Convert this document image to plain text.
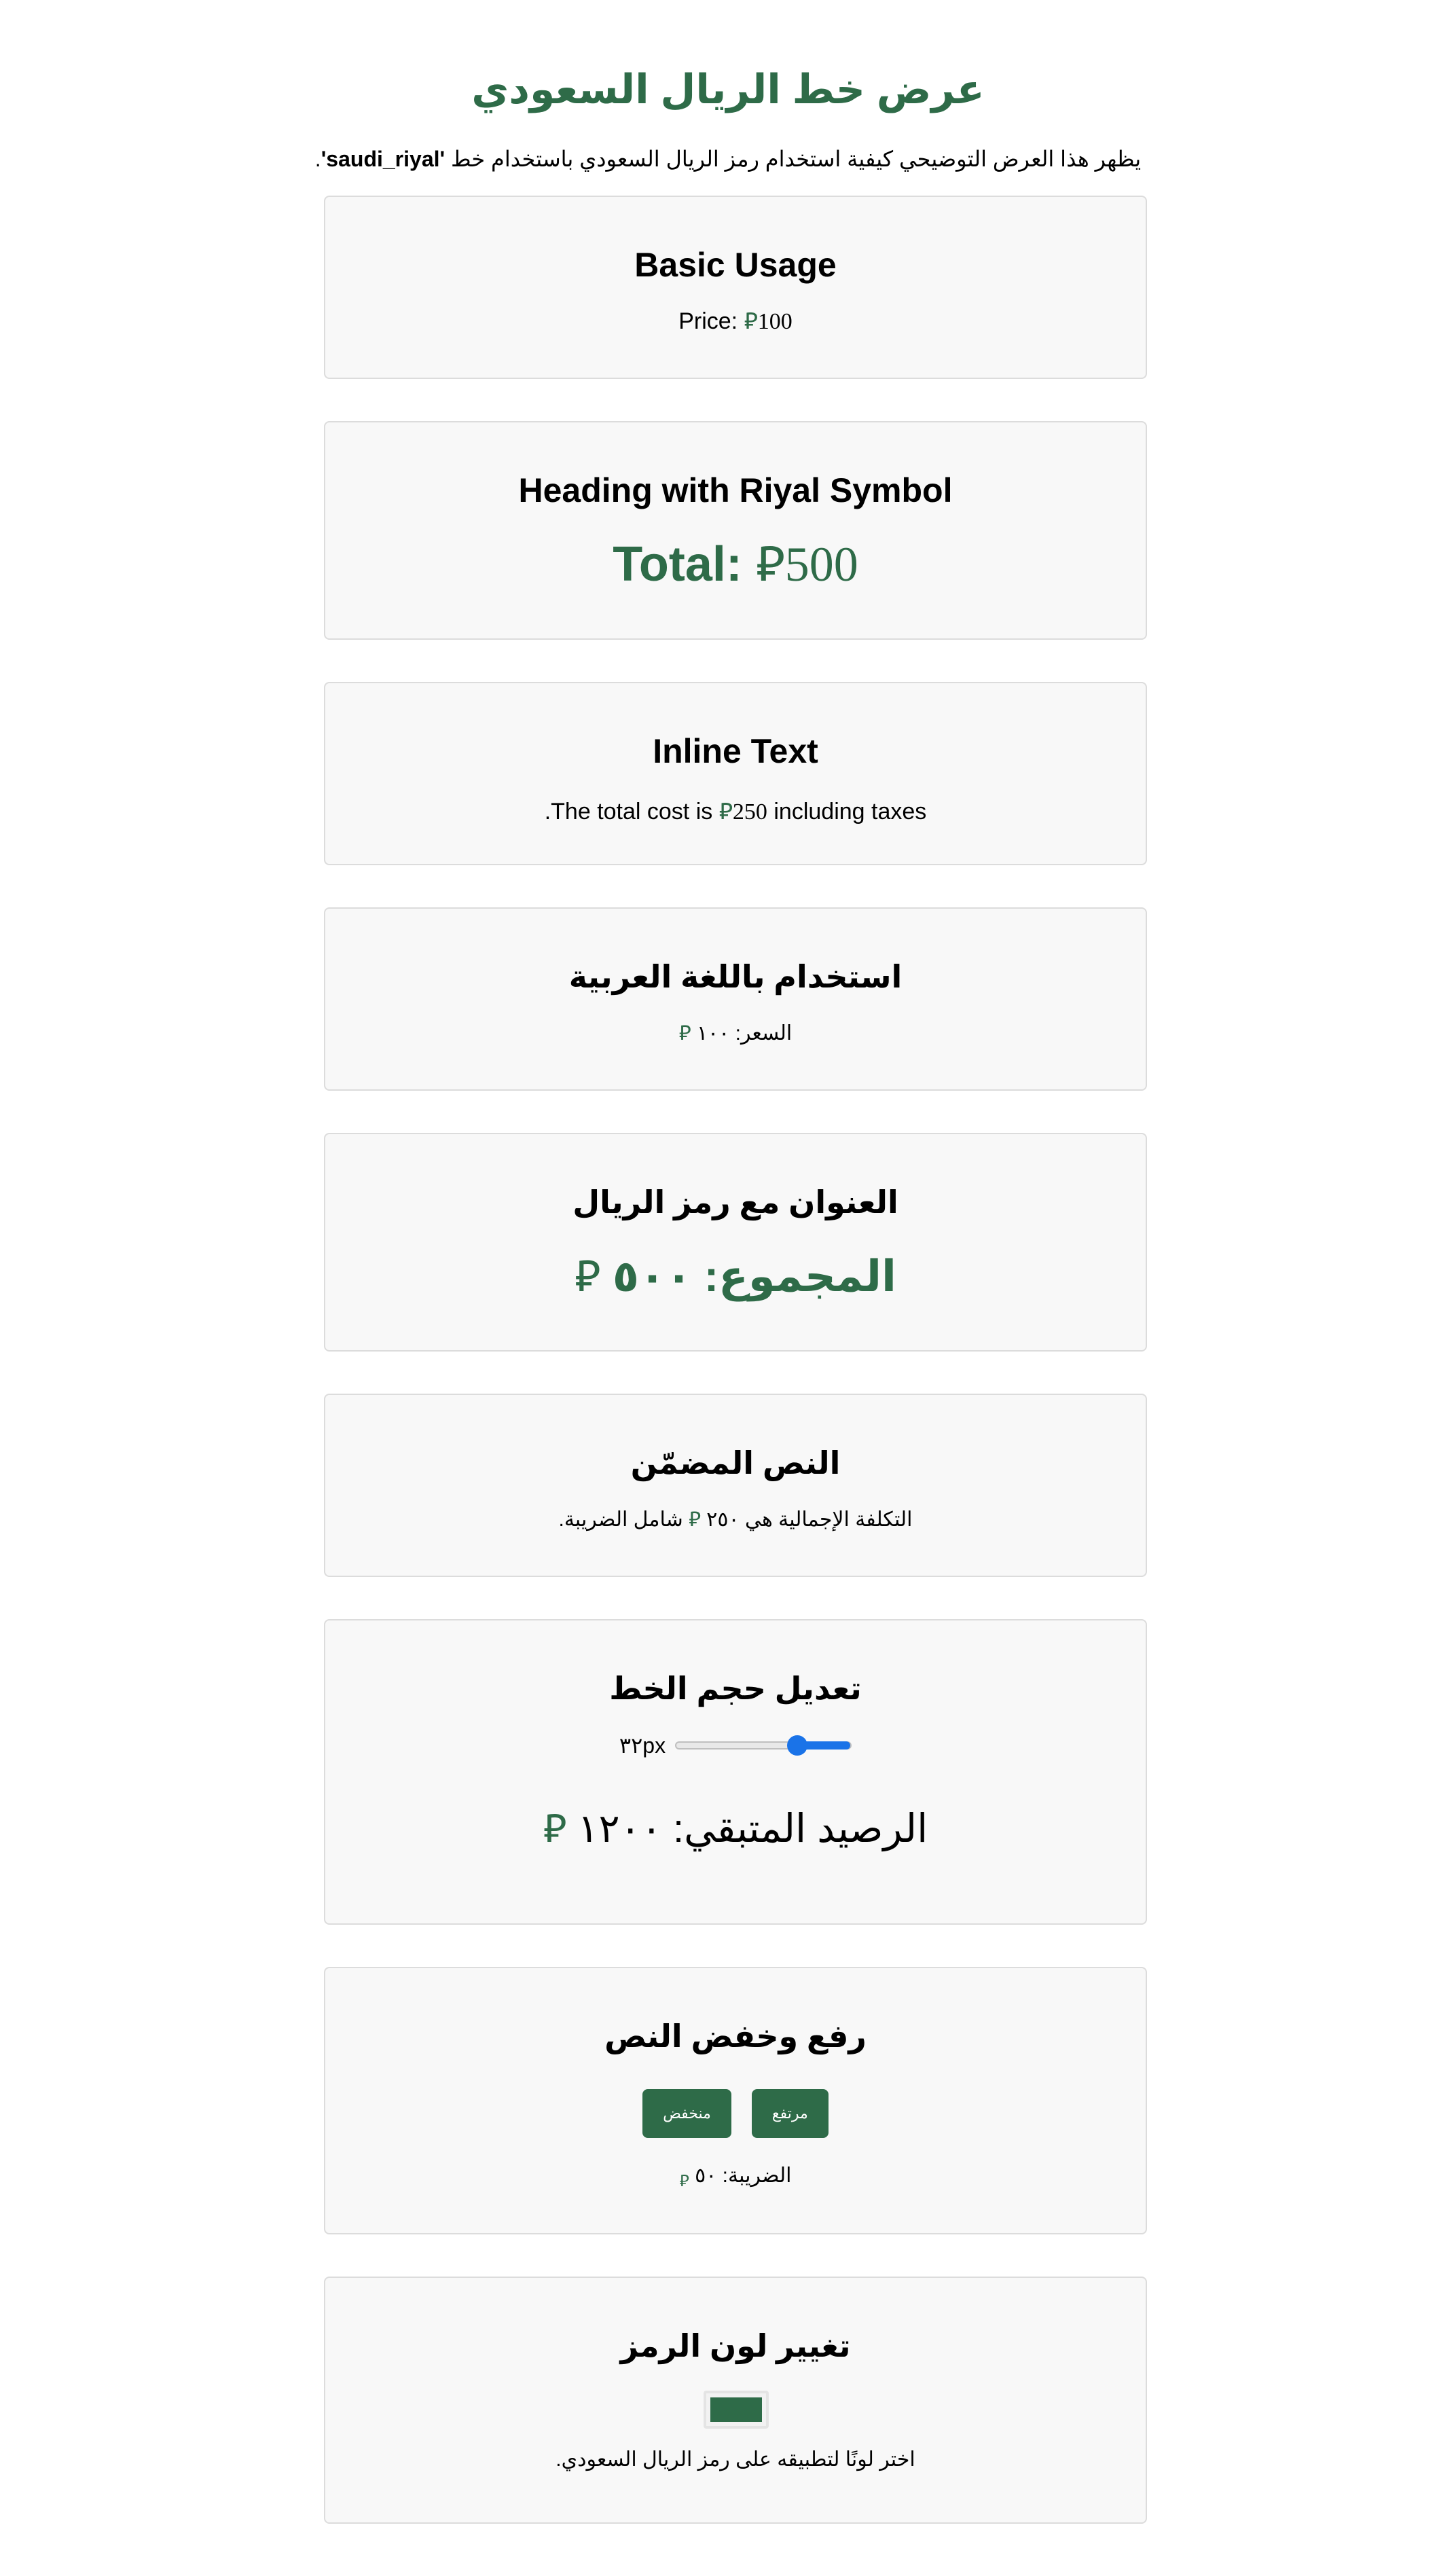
عرض خط الريال السعودي

يظهر هذا العرض التوضيحي كيفية استخدام رمز الريال السعودي باستخدام خط 'saudi_riyal'.

Basic Usage

Price: ⃁100

Heading with Riyal Symbol

Total: ⃁500

Inline Text

The total cost is ⃁250 including taxes.

استخدام باللغة العربية

السعر: ١٠٠ ⃁

العنوان مع رمز الريال

المجموع: ٥٠٠ ⃁

النص المضمّن

التكلفة الإجمالية هي ٢٥٠ ⃁ شامل الضريبة.

تعديل حجم الخط
٣٢px

الرصيد المتبقي: ١٢٠٠ ⃁

رفع وخفض النص
مرتفع
منخفض

الضريبة: ٥٠ $_⃁$

تغيير لون الرمز

اختر لونًا لتطبيقه على رمز الريال السعودي.
